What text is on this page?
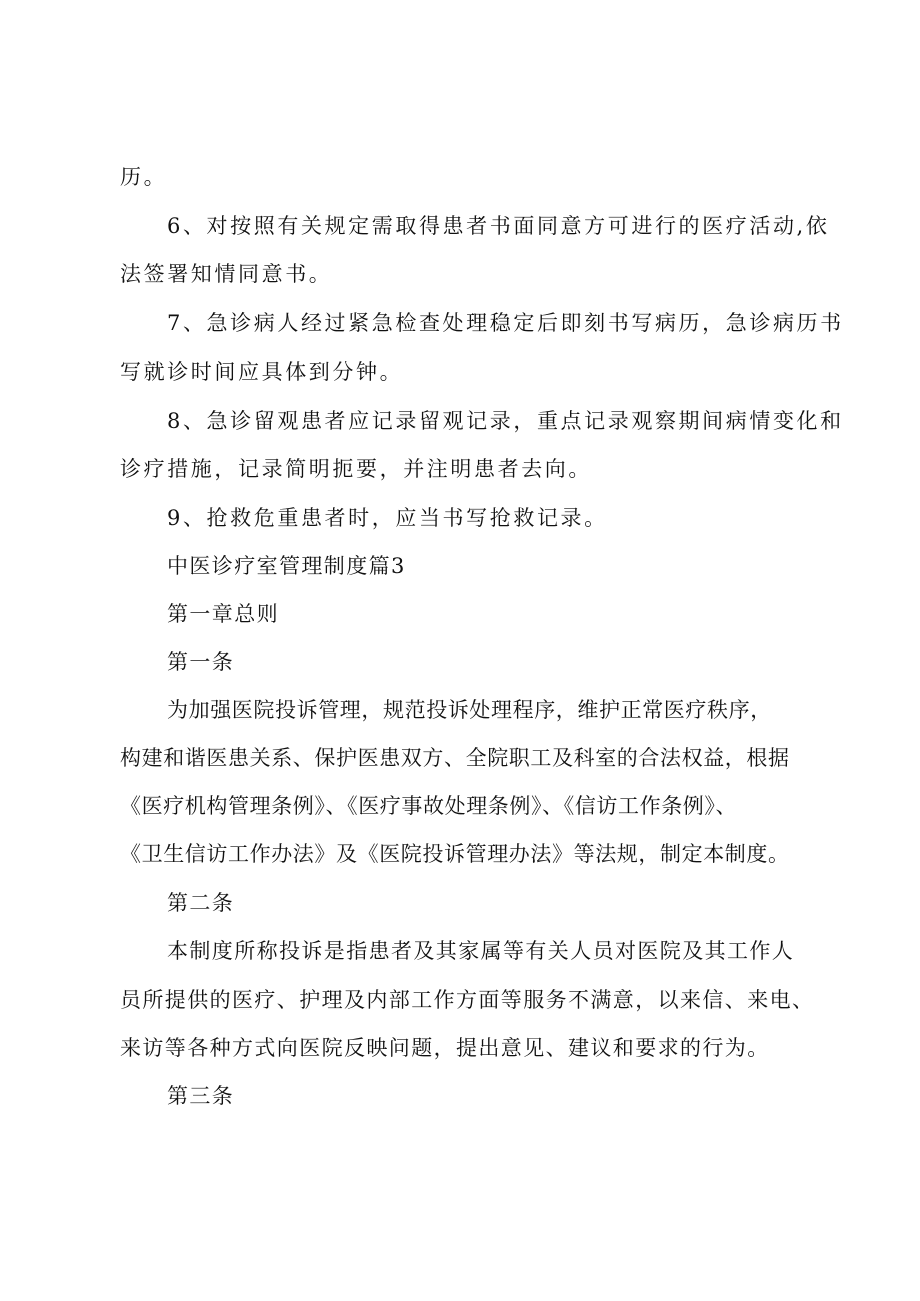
历。
6、对按照有关规定需取得患者书面同意方可进行的医疗活动,依
法签署知情同意书。
7、急诊病人经过紧急检查处理稳定后即刻书写病历，急诊病历书
写就诊时间应具体到分钟。
8、急诊留观患者应记录留观记录，重点记录观察期间病情变化和
诊疗措施，记录简明扼要，并注明患者去向。
9、抢救危重患者时，应当书写抢救记录。
中医诊疗室管理制度篇3
第一章总则
第一条
为加强医院投诉管理，规范投诉处理程序，维护正常医疗秩序，
构建和谐医患关系、保护医患双方、全院职工及科室的合法权益，根据
《医疗机构管理条例》、《医疗事故处理条例》、《信访工作条例》、
《卫生信访工作办法》及《医院投诉管理办法》等法规，制定本制度。
第二条
本制度所称投诉是指患者及其家属等有关人员对医院及其工作人
员所提供的医疗、护理及内部工作方面等服务不满意，以来信、来电、
来访等各种方式向医院反映问题，提出意见、建议和要求的行为。
第三条
